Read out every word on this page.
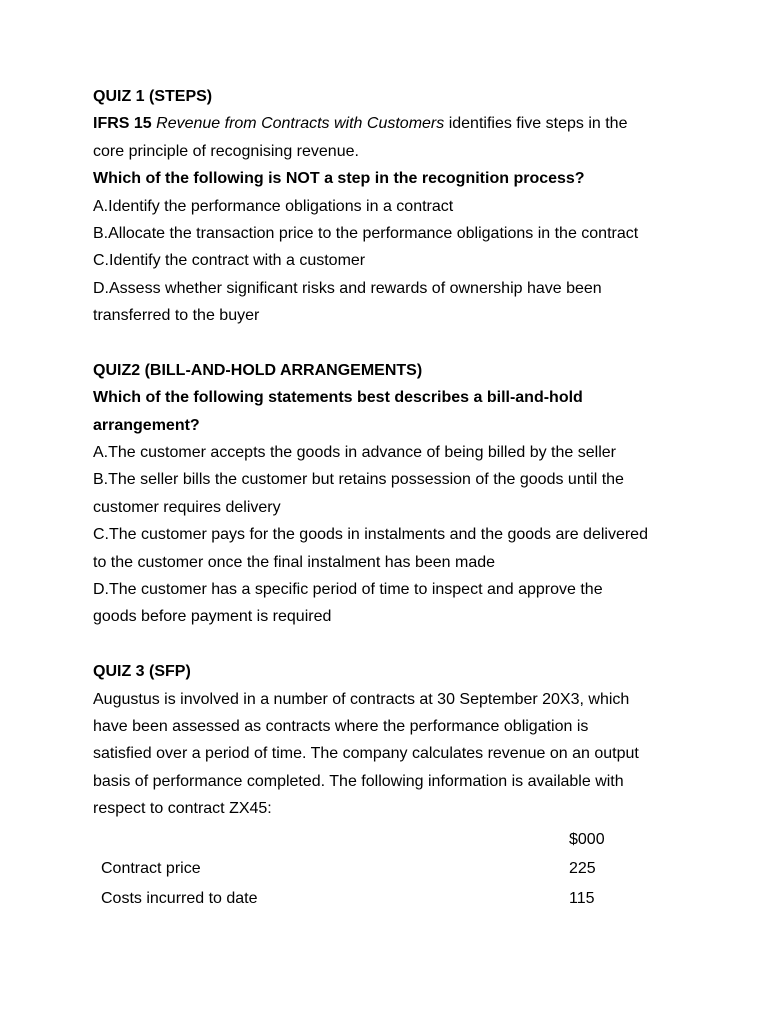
QUIZ 1 (STEPS)
IFRS 15 Revenue from Contracts with Customers identifies five steps in the
core principle of recognising revenue.
Which of the following is NOT a step in the recognition process?
A.Identify the performance obligations in a contract
B.Allocate the transaction price to the performance obligations in the contract
C.Identify the contract with a customer
D.Assess whether significant risks and rewards of ownership have been
transferred to the buyer
QUIZ2 (BILL-AND-HOLD ARRANGEMENTS)
Which of the following statements best describes a bill-and-hold
arrangement?
A.The customer accepts the goods in advance of being billed by the seller
B.The seller bills the customer but retains possession of the goods until the
customer requires delivery
C.The customer pays for the goods in instalments and the goods are delivered
to the customer once the final instalment has been made
D.The customer has a specific period of time to inspect and approve the
goods before payment is required
QUIZ 3 (SFP)
Augustus is involved in a number of contracts at 30 September 20X3, which
have been assessed as contracts where the performance obligation is
satisfied over a period of time. The company calculates revenue on an output
basis of performance completed. The following information is available with
respect to contract ZX45:
$000
Contract price	225
Costs incurred to date	115
